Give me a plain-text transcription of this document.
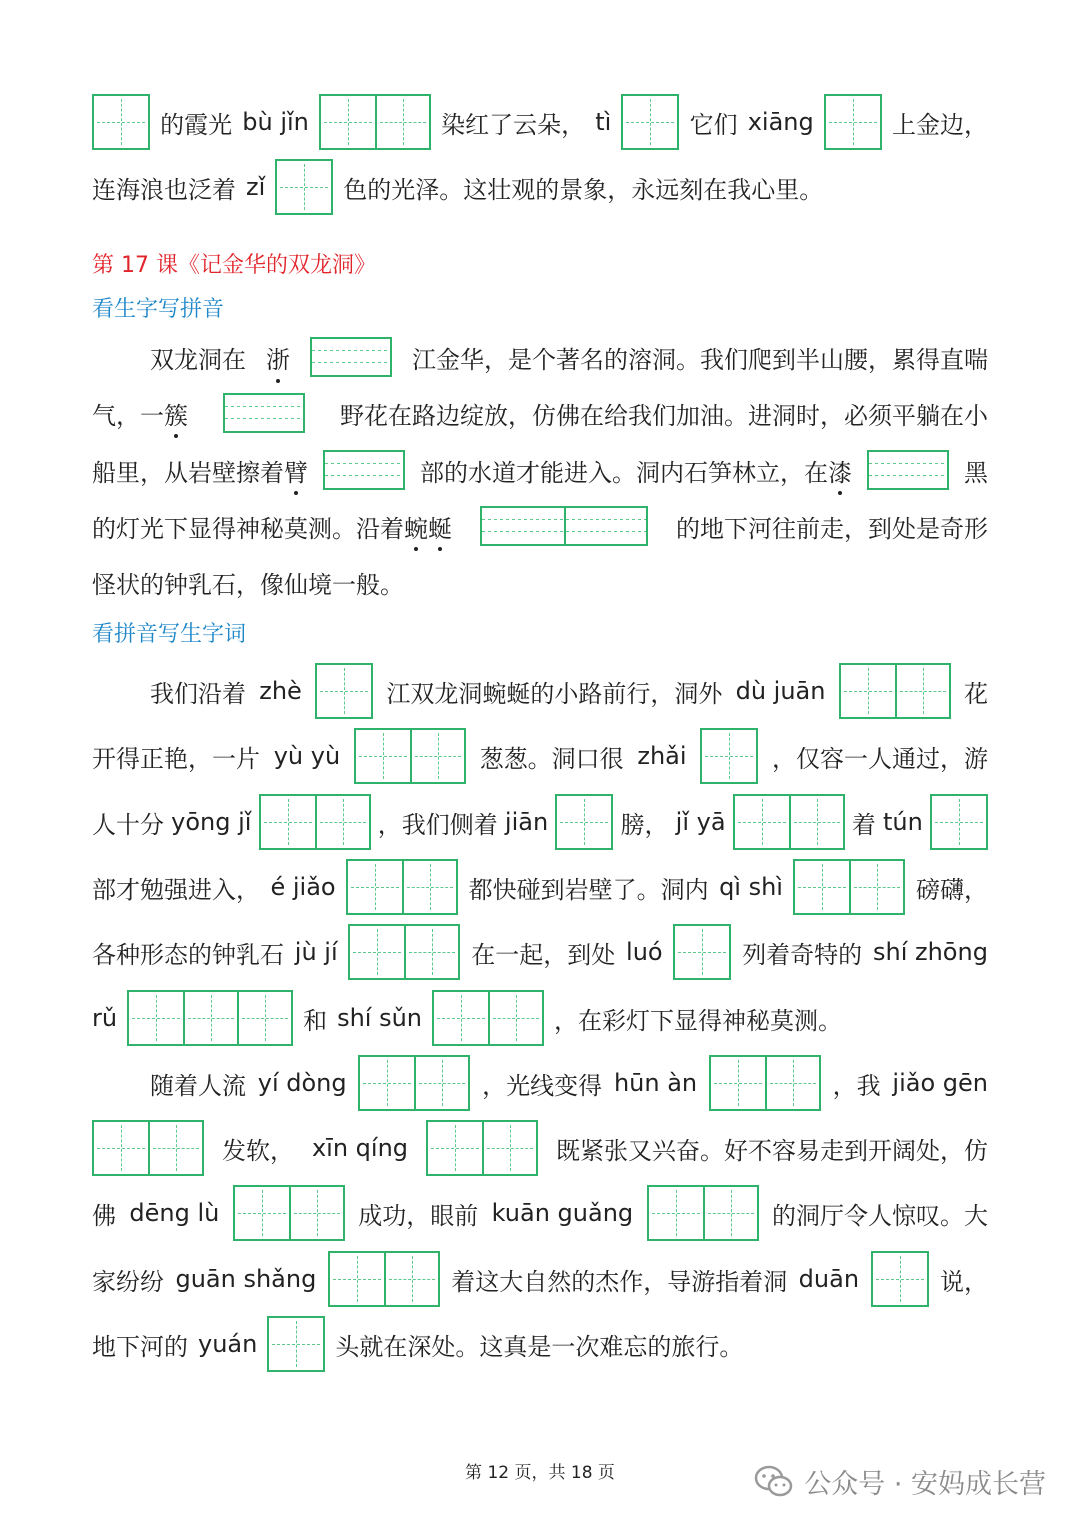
的霞光 bù jǐn	染红了云朵， tì	它们 xiāng	上金边，
连海浪也泛着 zǐ	色的光泽。这壮观的景象，永远刻在我心里。
第 17 课《记金华的双龙洞》
看生字写拼音
双龙洞在 浙	江金华，是个著名的溶洞。我们爬到半山腰，累得直喘
气，一簇	野花在路边绽放，仿佛在给我们加油。进洞时，必须平躺在小
船里，从岩壁擦着臂	部的水道才能进入。洞内石笋林立，在漆	黑
的灯光下显得神秘莫测。沿着蜿蜒	的地下河往前走，到处是奇形
怪状的钟乳石，像仙境一般。
看拼音写生字词
我们沿着 zhè	江双龙洞蜿蜒的小路前行，洞外 dù juān	花
开得正艳，一片 yù yù	葱葱。洞口很 zhǎi	，仅容一人通过，游
人十分 yōng jǐ	，我们侧着 jiān	膀， jǐ yā	着 tún
部才勉强进入， é jiǎo	都快碰到岩壁了。洞内 qì shì	磅礴，
各种形态的钟乳石 jù jí	在一起，到处 luó	列着奇特的 shí zhōng
rǔ	和 shí sǔn	，在彩灯下显得神秘莫测。
随着人流 yí dòng	，光线变得 hūn àn	，我 jiǎo gēn
发软， xīn qíng	既紧张又兴奋。好不容易走到开阔处，仿
佛 dēng lù	成功，眼前 kuān guǎng	的洞厅令人惊叹。大
家纷纷 guān shǎng	着这大自然的杰作，导游指着洞 duān	说，
地下河的 yuán	头就在深处。这真是一次难忘的旅行。
第 12 页，共 18 页	公众号 · 安妈成长营
